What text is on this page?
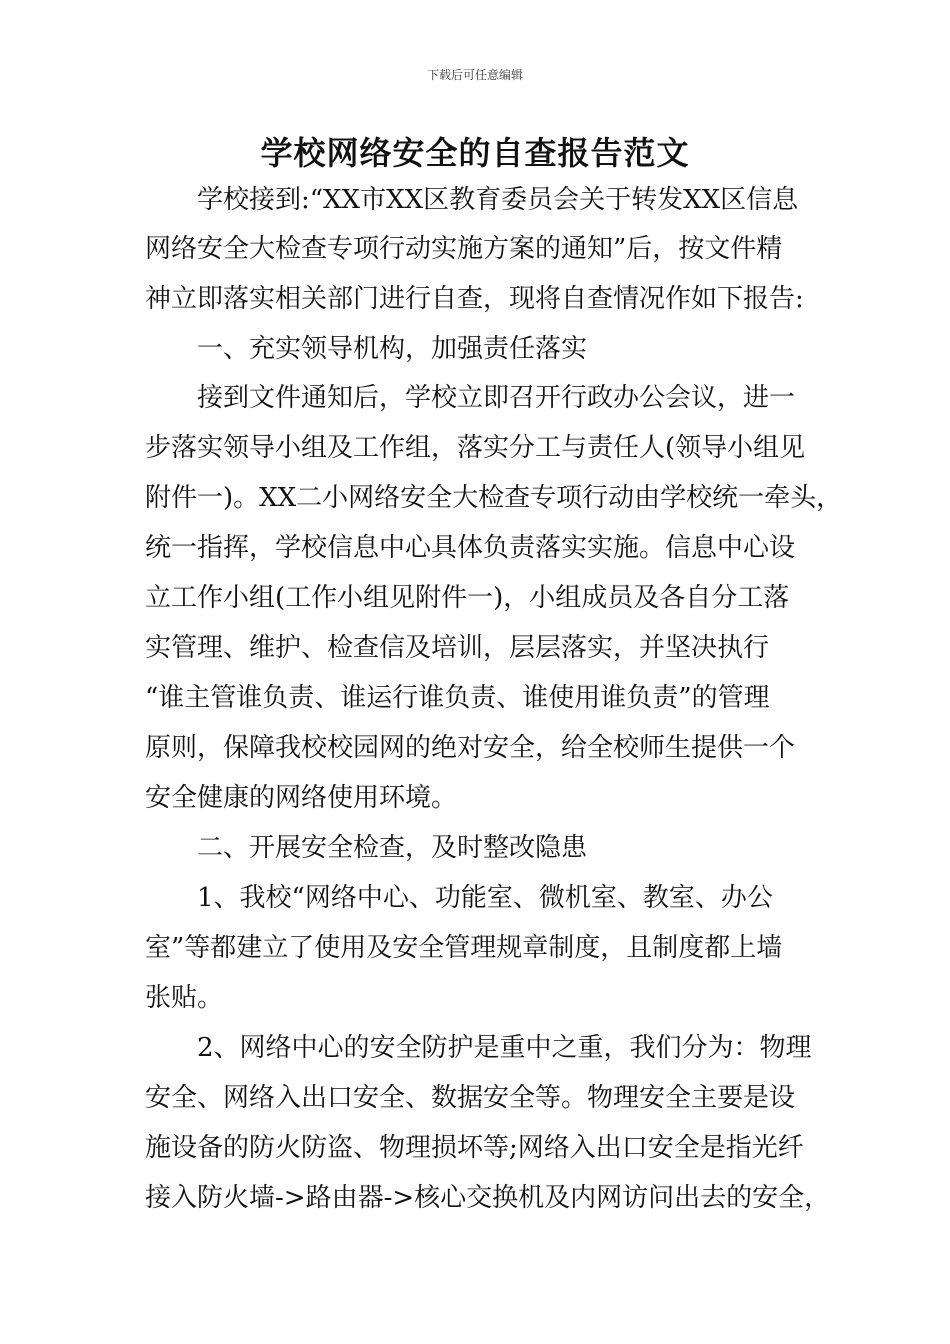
下载后可任意编辑
学校网络安全的自查报告范文
学校接到:“XX市XX区教育委员会关于转发XX区信息
网络安全大检查专项行动实施方案的通知”后，按文件精
神立即落实相关部门进行自查，现将自查情况作如下报告:
一、充实领导机构，加强责任落实
接到文件通知后，学校立即召开行政办公会议，进一
步落实领导小组及工作组，落实分工与责任人(领导小组见
附件一)。XX二小网络安全大检查专项行动由学校统一牵头，
统一指挥，学校信息中心具体负责落实实施。信息中心设
立工作小组(工作小组见附件一)，小组成员及各自分工落
实管理、维护、检查信及培训，层层落实，并坚决执行
“谁主管谁负责、谁运行谁负责、谁使用谁负责”的管理
原则，保障我校校园网的绝对安全，给全校师生提供一个
安全健康的网络使用环境。
二、开展安全检查，及时整改隐患
1、我校“网络中心、功能室、微机室、教室、办公
室”等都建立了使用及安全管理规章制度，且制度都上墙
张贴。
2、网络中心的安全防护是重中之重，我们分为：物理
安全、网络入出口安全、数据安全等。物理安全主要是设
施设备的防火防盗、物理损坏等;网络入出口安全是指光纤
接入防火墙->路由器->核心交换机及内网访问出去的安全，
